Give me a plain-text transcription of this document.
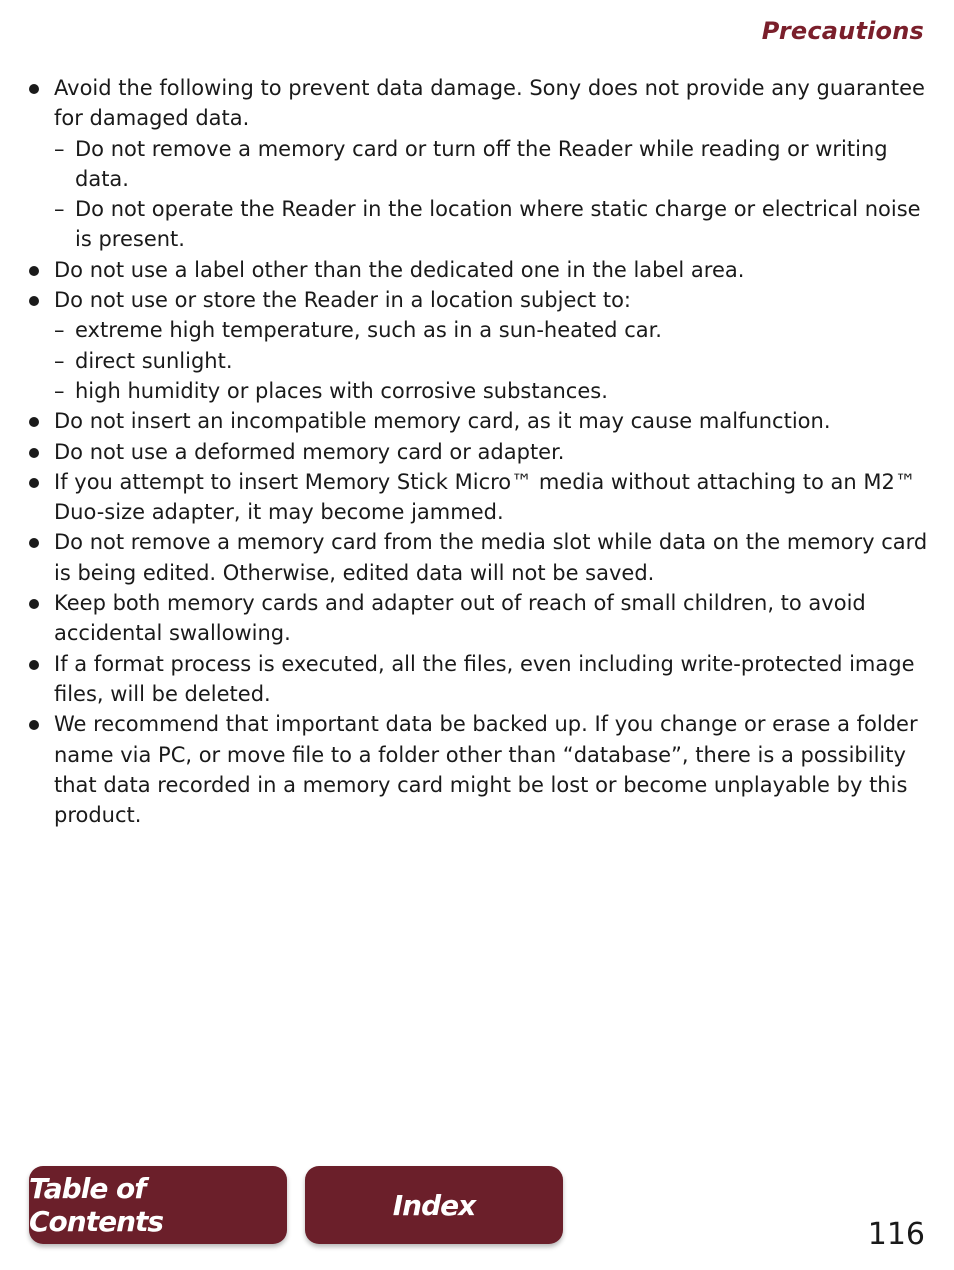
Precautions
Avoid the following to prevent data damage. Sony does not provide any guarantee for damaged data.
– Do not remove a memory card or turn off the Reader while reading or writing data.
– Do not operate the Reader in the location where static charge or electrical noise is present.
Do not use a label other than the dedicated one in the label area.
Do not use or store the Reader in a location subject to:
– extreme high temperature, such as in a sun-heated car.
– direct sunlight.
– high humidity or places with corrosive substances.
Do not insert an incompatible memory card, as it may cause malfunction.
Do not use a deformed memory card or adapter.
If you attempt to insert Memory Stick Micro™ media without attaching to an M2™ Duo-size adapter, it may become jammed.
Do not remove a memory card from the media slot while data on the memory card is being edited. Otherwise, edited data will not be saved.
Keep both memory cards and adapter out of reach of small children, to avoid accidental swallowing.
If a format process is executed, all the files, even including write-protected image files, will be deleted.
We recommend that important data be backed up. If you change or erase a folder name via PC, or move file to a folder other than “database”, there is a possibility that data recorded in a memory card might be lost or become unplayable by this product.
Table of Contents	Index
116
